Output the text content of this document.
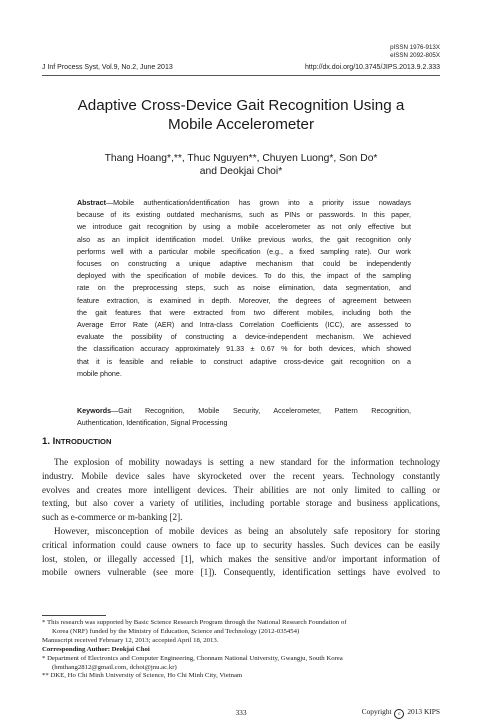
pISSN 1976-913X
eISSN 2092-805X
J Inf Process Syst, Vol.9, No.2, June 2013	http://dx.doi.org/10.3745/JIPS.2013.9.2.333
Adaptive Cross-Device Gait Recognition Using a
Mobile Accelerometer
Thang Hoang*,**, Thuc Nguyen**, Chuyen Luong*, Son Do*
and Deokjai Choi*
Abstract—Mobile authentication/identification has grown into a priority issue nowadays
because of its existing outdated mechanisms, such as PINs or passwords. In this paper,
we introduce gait recognition by using a mobile accelerometer as not only effective but
also as an implicit identification model. Unlike previous works, the gait recognition only
performs well with a particular mobile specification (e.g., a fixed sampling rate). Our work
focuses on constructing a unique adaptive mechanism that could be independently
deployed with the specification of mobile devices. To do this, the impact of the sampling
rate on the preprocessing steps, such as noise elimination, data segmentation, and
feature extraction, is examined in depth. Moreover, the degrees of agreement between
the gait features that were extracted from two different mobiles, including both the
Average Error Rate (AER) and Intra-class Correlation Coefficients (ICC), are assessed to
evaluate the possibility of constructing a device-independent mechanism. We achieved
the classification accuracy approximately 91.33 ± 0.67 % for both devices, which showed
that it is feasible and reliable to construct adaptive cross-device gait recognition on a
mobile phone.
Keywords—Gait Recognition, Mobile Security, Accelerometer, Pattern Recognition,
Authentication, Identification, Signal Processing
1. INTRODUCTION
The explosion of mobility nowadays is setting a new standard for the information technology
industry. Mobile device sales have skyrocketed over the recent years. Technology constantly
evolves and creates more intelligent devices. Their abilities are not only limited to calling or
texting, but also cover a variety of utilities, including portable storage and business applications,
such as e-commerce or m-banking [2].
However, misconception of mobile devices as being an absolutely safe repository for storing
critical information could cause owners to face up to security hassles. Such devices can be easily
lost, stolen, or illegally accessed [1], which makes the sensitive and/or important information of
mobile owners vulnerable (see more [1]). Consequently, identification settings have evolved to
* This research was supported by Basic Science Research Program through the National Research Foundation of
Korea (NRF) funded by the Ministry of Education, Science and Technology (2012-035454)
Manuscript received February 12, 2013; accepted April 18, 2013.
Corresponding Author: Deokjai Choi
* Department of Electronics and Computer Engineering, Chonnam National University, Gwangju, South Korea
(hmthang2812@gmail.com, dchoi@jnu.ac.kr)
** DKE, Ho Chi Minh University of Science, Ho Chi Minh City, Vietnam
333	Copyright c 2013 KIPS
